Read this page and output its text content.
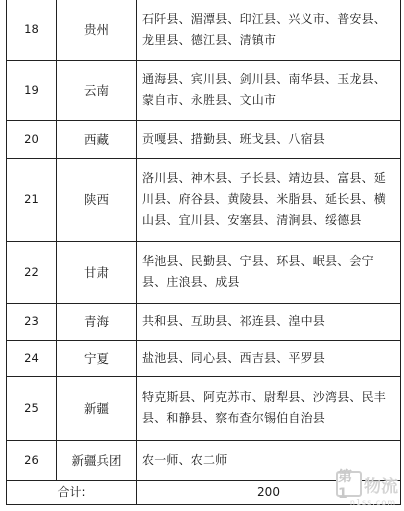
18	贵州	石阡县、湄潭县、印江县、兴义市、普安县、龙里县、德江县、清镇市
19	云南	通海县、宾川县、剑川县、南华县、玉龙县、蒙自市、永胜县、文山市
20	西藏	贡嘎县、措勤县、班戈县、八宿县
21	陕西	洛川县、神木县、子长县、靖边县、富县、延川县、府谷县、黄陵县、米脂县、延长县、横山县、宜川县、安塞县、清涧县、绥德县
22	甘肃	华池县、民勤县、宁县、环县、岷县、会宁县、庄浪县、成县
23	青海	共和县、互助县、祁连县、湟中县
24	宁夏	盐池县、同心县、西吉县、平罗县
25	新疆	特克斯县、阿克苏市、尉犁县、沙湾县、民丰县、和静县、察布查尔锡伯自治县
26	新疆兵团	农一师、农二师
合计:		200
第1 物流
n1ss.com
